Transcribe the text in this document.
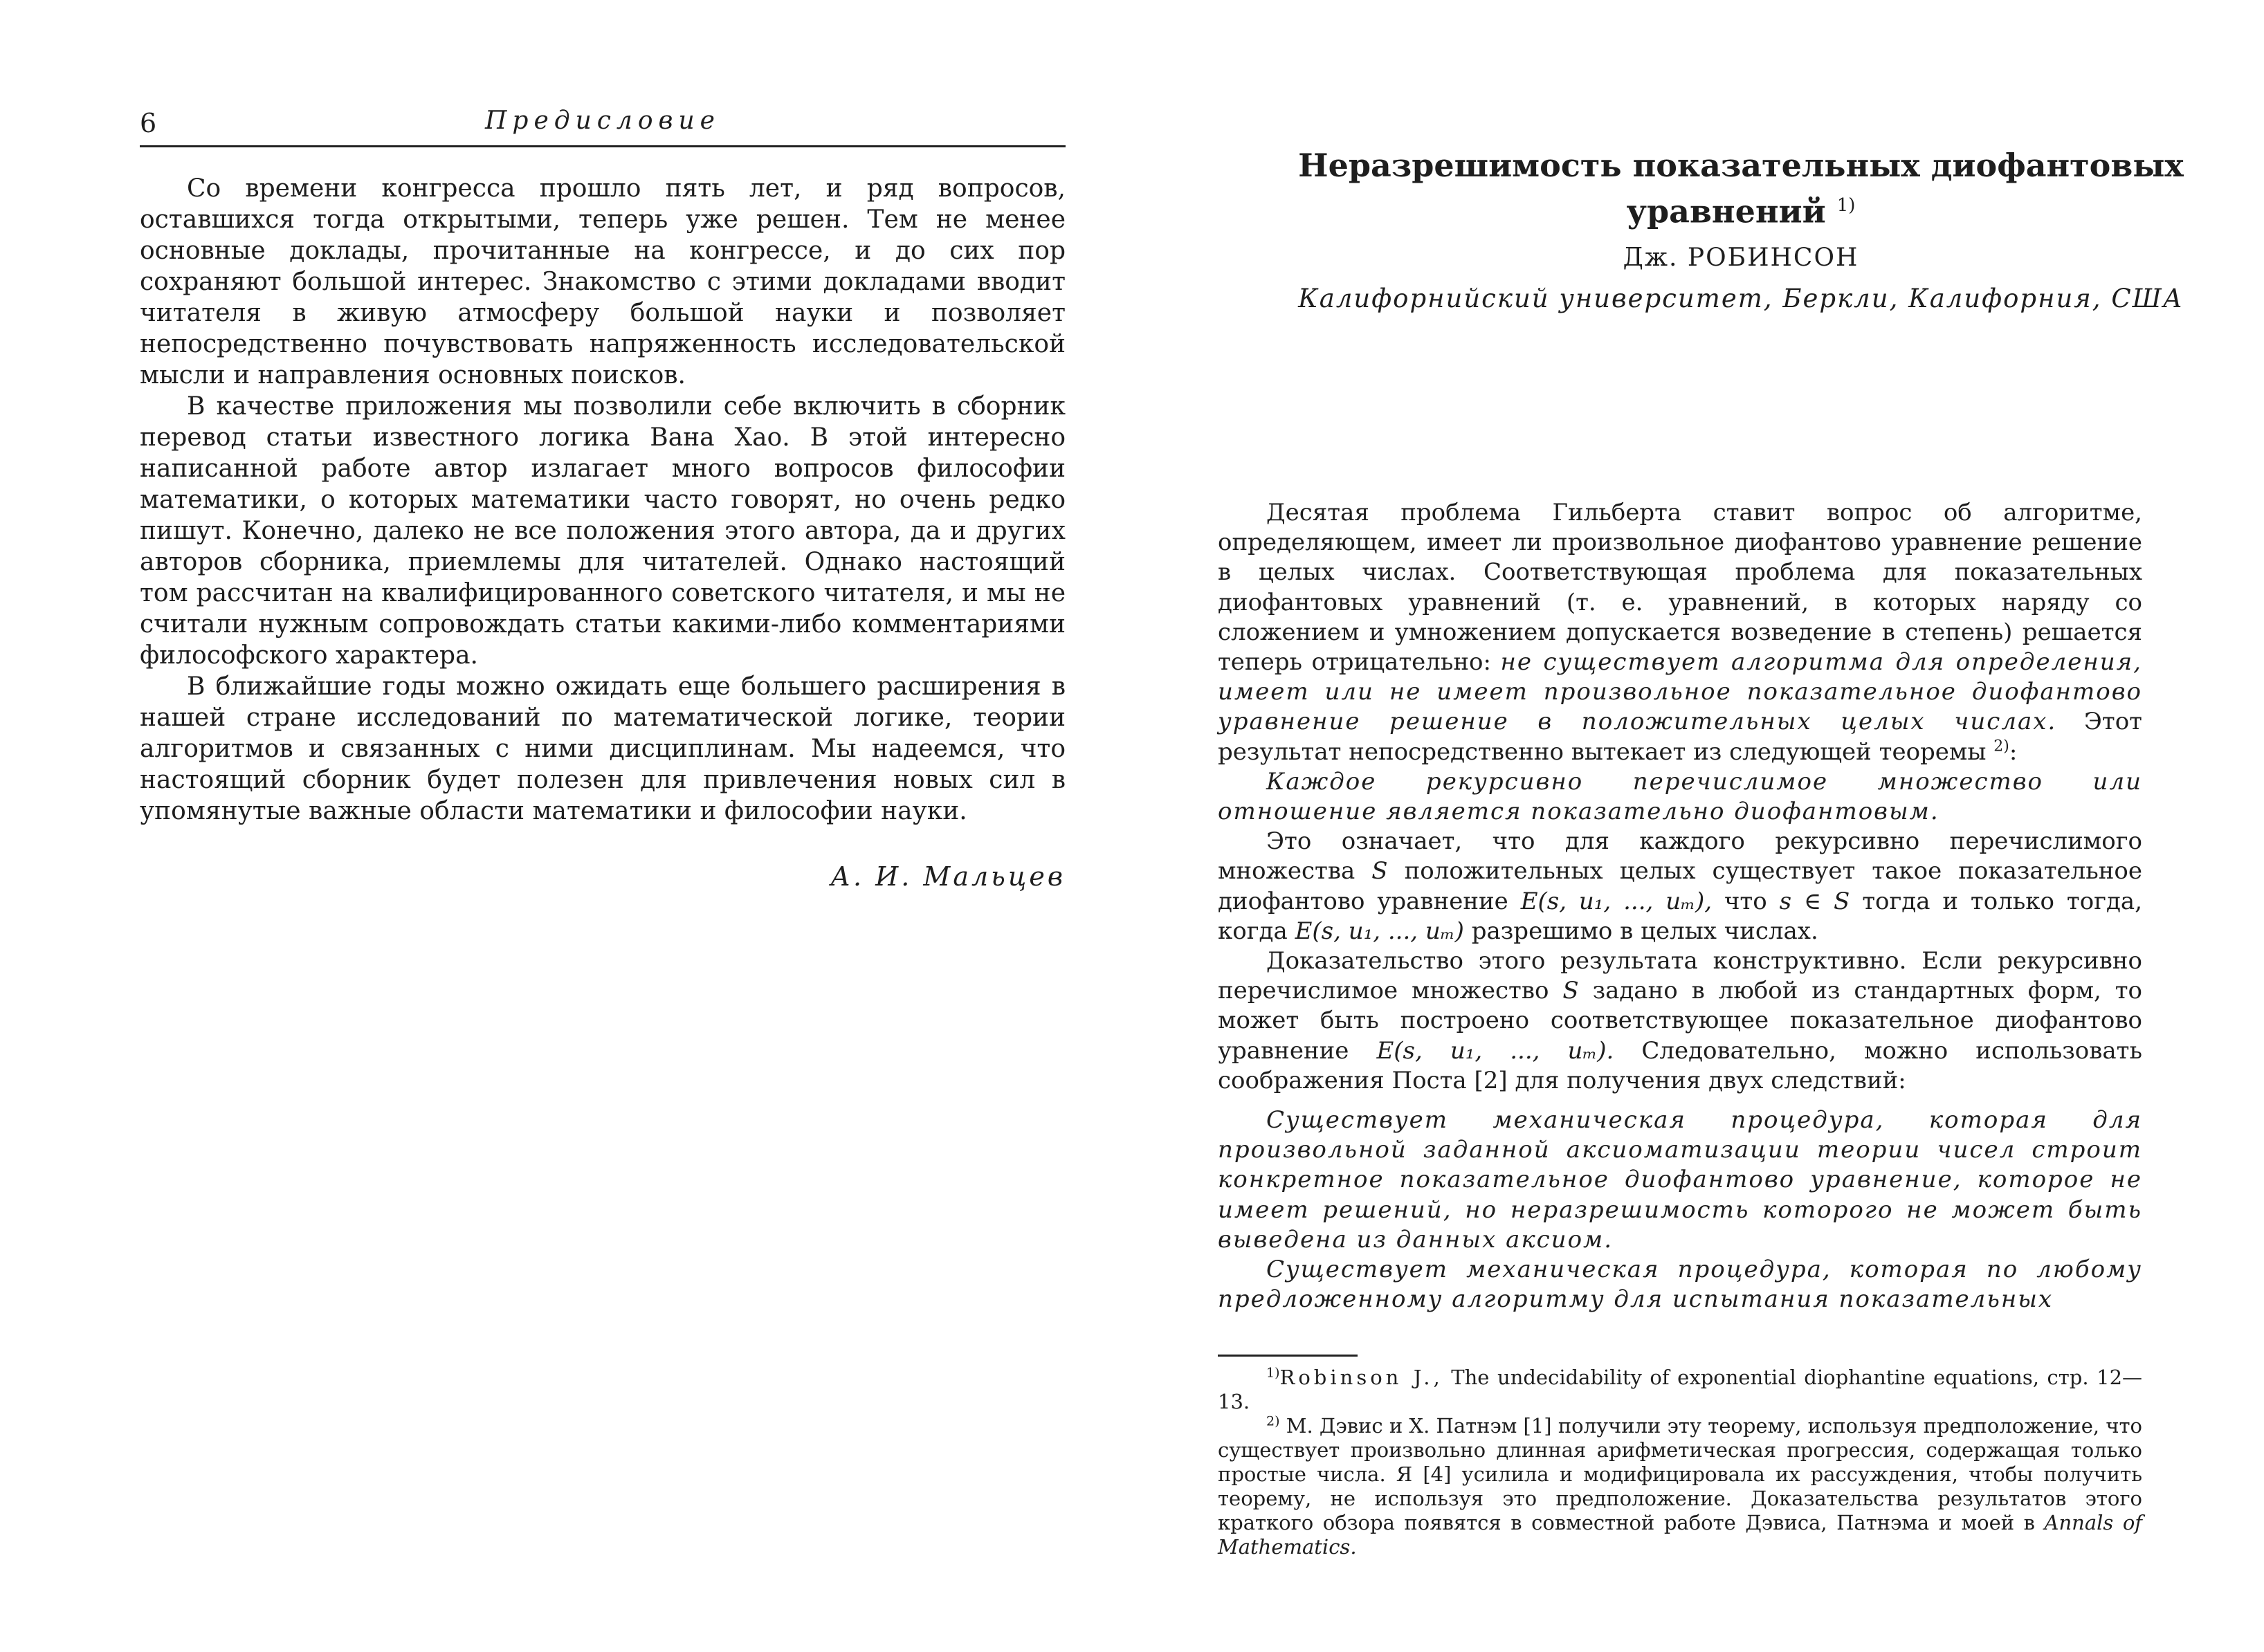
6	Предисловие

Со времени конгресса прошло пять лет, и ряд вопросов, оставшихся тогда открытыми, теперь уже решен. Тем не менее основные доклады, прочитанные на конгрессе, и до сих пор сохраняют большой интерес. Знакомство с этими докладами вводит читателя в живую атмосферу большой науки и позволяет непосредственно почувствовать напряженность исследовательской мысли и направления основных поисков.

В качестве приложения мы позволили себе включить в сборник перевод статьи известного логика Вана Хао. В этой интересно написанной работе автор излагает много вопросов философии математики, о которых математики часто говорят, но очень редко пишут. Конечно, далеко не все положения этого автора, да и других авторов сборника, приемлемы для читателей. Однако настоящий том рассчитан на квалифицированного советского читателя, и мы не считали нужным сопровождать статьи какими-либо комментариями философского характера.

В ближайшие годы можно ожидать еще большего расширения в нашей стране исследований по математической логике, теории алгоритмов и связанных с ними дисциплинам. Мы надеемся, что настоящий сборник будет полезен для привлечения новых сил в упомянутые важные области математики и философии науки.

А. И. Мальцев
Неразрешимость показательных диофантовых уравнений $^{1)}$
Дж. РОБИНСОН
Калифорнийский университет, Беркли, Калифорния, США

Десятая проблема Гильберта ставит вопрос об алгоритме, определяющем, имеет ли произвольное диофантово уравнение решение в целых числах. Соответствующая проблема для показательных диофантовых уравнений (т. е. уравнений, в которых наряду со сложением и умножением допускается возведение в степень) решается теперь отрицательно: не существует алгоритма для определения, имеет или не имеет произвольное показательное диофантово уравнение решение в положительных целых числах. Этот результат непосредственно вытекает из следующей теоремы $^{2)}$:

Каждое рекурсивно перечислимое множество или отношение является показательно диофантовым.

Это означает, что для каждого рекурсивно перечислимого множества S положительных целых существует такое показательное диофантово уравнение E(s, u₁, ..., uₘ), что s ∈ S тогда и только тогда, когда E(s, u₁, ..., uₘ) разрешимо в целых числах.

Доказательство этого результата конструктивно. Если рекурсивно перечислимое множество S задано в любой из стандартных форм, то может быть построено соответствующее показательное диофантово уравнение E(s, u₁, ..., uₘ). Следовательно, можно использовать соображения Поста [2] для получения двух следствий:

Существует механическая процедура, которая для произвольной заданной аксиоматизации теории чисел строит конкретное показательное диофантово уравнение, которое не имеет решений, но неразрешимость которого не может быть выведена из данных аксиом.

Существует механическая процедура, которая по любому предложенному алгоритму для испытания показательных

$^{1)}$Robinson J., The undecidability of exponential diophantine equations, стр. 12—13.

$^{2)}$ М. Дэвис и Х. Патнэм [1] получили эту теорему, используя предположение, что существует произвольно длинная арифметическая прогрессия, содержащая только простые числа. Я [4] усилила и модифицировала их рассуждения, чтобы получить теорему, не используя это предположение. Доказательства результатов этого краткого обзора появятся в совместной работе Дэвиса, Патнэма и моей в Annals of Mathematics.
